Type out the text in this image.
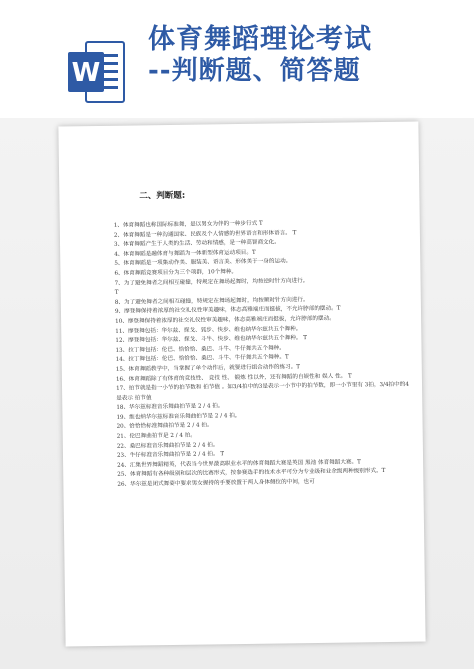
W
体育舞蹈理论考试
--判断题、简答题
二、判断题:
1、体育舞蹈也称国际标准舞，是以男女为伴的一种步行式 T
2、体育舞蹈是一种沟通国家、民族及个人情感的世界语言和形体语言。 T
3、体育舞蹈产生于人类的生活、劳动和情感，是一种高智商文化。
4、体育舞蹈是融体育与舞蹈为一体新型体育运动项目。T
5、体育舞蹈是一项集动作美、服装美、语言美、形体美于一身的运动。
6、体育舞蹈竞赛项目分为三个项群，10个舞种。
7、为了避免舞者之间相互碰撞，特规定在舞场起舞时，均按逆时针方向进行。
T
8、为了避免舞者之间相互碰撞，特规定在舞场起舞时，均按顺时针方向进行。
9、摩登舞保持着浓厚的社交礼仪性审美趣味，体态高雅端庄而挺拔，不允许脖部的摆动。T
10、摩登舞保持着浓厚的社交礼仪性审美趣味，体态高雅端庄而挺拔，允许脖部的摆动。
11、摩登舞包括：华尔兹、探戈、狐步、快步、维也纳华尔兹共五个舞种。
12、摩登舞包括：华尔兹、探戈、斗牛、快步、维也纳华尔兹共五个舞种。 T
13、拉丁舞包括：伦巴、恰恰恰、桑巴、斗牛、牛仔舞共五个舞种。
14、拉丁舞包括：伦巴、恰恰恰、桑巴、斗牛、牛仔舞共五个舞种。T
15、体育舞蹈教学中，当掌握了单个动作后，就要进行组合动作的练习。T
16、体育舞蹈除了有体育的竞技性、 竞技 性、 锻炼 性以外，还有舞蹈的自娱性和 娱人 性。 T
17、拍节就是指一小节的拍节数和 拍节值 。如3/4拍中的3是表示一小节中的拍节数，即一小节里有 3拍，3/4拍中的4是表示 拍节值
18、华尔兹标准音乐舞曲拍节是 2 / 4 拍。
19、维也纳华尔兹标准音乐舞曲拍节是 2 / 4 拍。
20、恰恰恰标准舞曲拍节是 2 / 4 拍。
21、伦巴舞曲拍节是 2 / 4 拍。
22、桑巴标准音乐舞曲拍节是 2 / 4 拍。
23、牛仔标准音乐舞曲拍节是 2 / 4 拍。 T
24、汇集世界舞蹈精英，代表当今世界最高职业水平的体育舞蹈大赛是英国 黑池 体育舞蹈大赛。T
25、体育舞蹈有各种级别和层次的比赛形式，按参赛选手的技术水平可分为专业级和业余级两种级别形式。T
26、华尔兹是闭式舞姿中要求男女握持的手要放置于两人身体侧位的中间，也可
